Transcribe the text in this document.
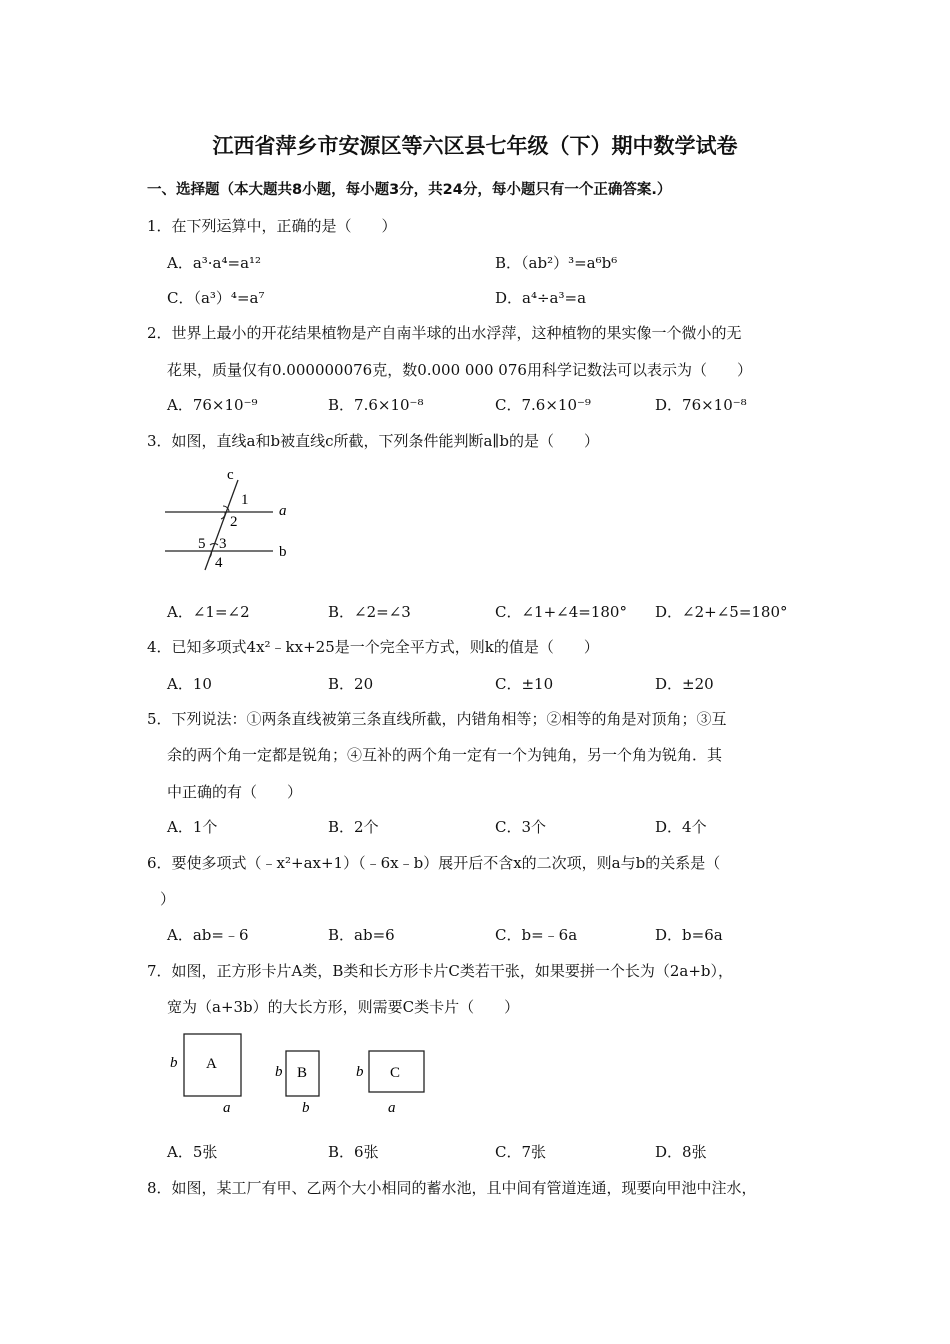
江西省萍乡市安源区等六区县七年级（下）期中数学试卷
一、选择题（本大题共8小题，每小题3分，共24分，每小题只有一个正确答案.）
1．在下列运算中，正确的是（　　）
A．a³·a⁴=a¹²	B．（ab²）³=a⁶b⁶
C．（a³）⁴=a⁷	D．a⁴÷a³=a
2．世界上最小的开花结果植物是产自南半球的出水浮萍，这种植物的果实像一个微小的无
花果，质量仅有0.000000076克，数0.000 000 076用科学记数法可以表示为（　　）
A．76×10⁻⁹	B．7.6×10⁻⁸	C．7.6×10⁻⁹	D．76×10⁻⁸
3．如图，直线a和b被直线c所截，下列条件能判断a∥b的是（　　）
c
1
2
a
5 3	b
4
A．∠1=∠2	B．∠2=∠3	C．∠1+∠4=180° D．∠2+∠5=180°
4．已知多项式4x²﹣kx+25是一个完全平方式，则k的值是（　　）
A．10	B．20	C．±10	D．±20
5．下列说法：①两条直线被第三条直线所截，内错角相等；②相等的角是对顶角；③互
余的两个角一定都是锐角；④互补的两个角一定有一个为钝角，另一个角为锐角．其
中正确的有（　　）
A．1个	B．2个	C．3个	D．4个
6．要使多项式（﹣x²+ax+1）（﹣6x﹣b）展开后不含x的二次项，则a与b的关系是（
）
A．ab=﹣6	B．ab=6	C．b=﹣6a	D．b=6a
7．如图，正方形卡片A类，B类和长方形卡片C类若干张，如果要拼一个长为（2a+b），
宽为（a+3b）的大长方形，则需要C类卡片（　　）
A
B	C
b
a
b
b
b
a
A．5张	B．6张	C．7张	D．8张
8．如图，某工厂有甲、乙两个大小相同的蓄水池，且中间有管道连通，现要向甲池中注水，
